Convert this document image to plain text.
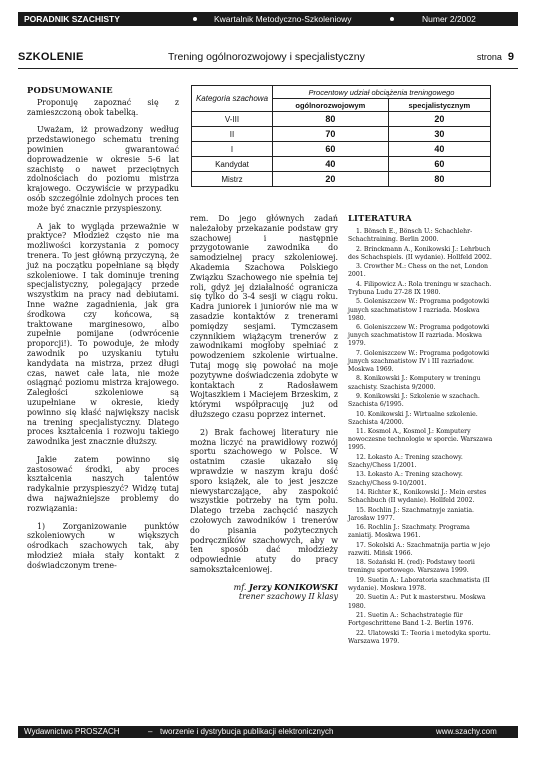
PORADNIK SZACHISTY	Kwartalnik Metodyczno-Szkoleniowy	Numer 2/2002
SZKOLENIE	Trening ogólnorozwojowy i specjalistyczny	strona 9
PODSUMOWANIE

Proponuję zapoznać się z zamieszczoną obok tabelką.

Uważam, iż prowadzony według przedstawionego schematu trening powinien gwarantować doprowadzenie w okresie 5-6 lat szachistę o nawet przeciętnych zdolnościach do poziomu mistrza krajowego. Oczywiście w przypadku osób szczególnie zdolnych proces ten może być znacznie przyspieszony.

A jak to wygląda przeważnie w praktyce? Młodzież często nie ma możliwości korzystania z pomocy trenera. To jest główną przyczyną, że już na początku popełniane są błędy szkoleniowe. I tak dominuje trening specjalistyczny, polegający przede wszystkim na pracy nad debiutami. Inne ważne zagadnienia, jak gra środkowa czy końcowa, są traktowane marginesowo, albo zupełnie pomijane (odwrócenie proporcji!). To powoduje, że młody zawodnik po uzyskaniu tytułu kandydata na mistrza, przez długi czas, nawet całe lata, nie może osiągnąć poziomu mistrza krajowego. Zaległości szkoleniowe są uzupełniane w okresie, kiedy powinno się kłaść największy nacisk na trening specjalistyczny. Dlatego proces kształcenia i rozwoju takiego zawodnika jest znacznie dłuższy.

Jakie zatem powinno się zastosować środki, aby proces kształcenia naszych talentów radykalnie przyspieszyć? Widzę tutaj dwa najważniejsze problemy do rozwiązania:

1) Zorganizowanie punktów szkoleniowych w większych ośrodkach szachowych tak, aby młodzież miała stały kontakt z doświadczonym trene-

Kategoria szachowa	Procentowy udział obciążenia treningowego	
	ogólnorozwojowym	specjalistycznym
V-III	80	20
II	70	30
I	60	40
Kandydat	40	60
Mistrz	20	80

rem. Do jego głównych zadań należałoby przekazanie podstaw gry szachowej i następnie przygotowanie zawodnika do samodzielnej pracy szkoleniowej. Akademia Szachowa Polskiego Związku Szachowego nie spełnia tej roli, gdyż jej działalność ogranicza się tylko do 3-4 sesji w ciągu roku. Kadra juniorek i juniorów nie ma w zasadzie kontaktów z trenerami pomiędzy sesjami. Tymczasem czynnikiem wiążącym trenerów z zawodnikami mogłoby spełniać z powodzeniem szkolenie wirtualne. Tutaj mogę się powołać na moje pozytywne doświadczenia zdobyte w kontaktach z Radosławem Wojtaszkiem i Maciejem Brzeskim, z którymi współpracuję już od dłuższego czasu poprzez internet.

2) Brak fachowej literatury nie można liczyć na prawidłowy rozwój sportu szachowego w Polsce. W ostatnim czasie ukazało się wprawdzie w naszym kraju dość sporo książek, ale to jest jeszcze niewystarczające, aby zaspokoić wszystkie potrzeby na tym polu. Dlatego trzeba zachęcić naszych czołowych zawodników i trenerów do pisania pożytecznych podręczników szachowych, aby w ten sposób dać młodzieży odpowiednie atuty do pracy samokształceniowej.

mf. Jerzy KONIKOWSKI
trener szachowy II klasy
LITERATURA
1. Bönsch E., Bönsch U.: Schachlehr-Schachtraining. Berlin 2000.
2. Brinckmann A., Konikowski J.: Lehrbuch des Schachspiels. (II wydanie). Hollfeld 2002.
3. Crowther M.: Chess on the net, London 2001.
4. Filipowicz A.: Rola treningu w szachach. Trybuna Ludu 27-28 IX 1980.
5. Goleniszczew W.: Programa podgotowki junych szachmatistow I razriada. Moskwa 1980.
6. Goleniszczew W.: Programa podgotowki junych szachmatistow II razriada. Moskwa 1979.
7. Goleniszczew W.: Programa podgotowki junych szachmatistow IV i III razriadow. Moskwa 1969.
8. Konikowski J.: Komputery w treningu szachisty. Szachista 9/2000.
9. Konikowski J.: Szkolenie w szachach. Szachista 6/1995.
10. Konikowski J.: Wirtualne szkolenie. Szachista 4/2000.
11. Kosmol A., Kosmol J.: Komputery nowoczesne technologie w sporcie. Warszawa 1995.
12. Łokasto A.: Trening szachowy. Szachy/Chess 1/2001.
13. Łokasto A.: Trening szachowy. Szachy/Chess 9-10/2001.
14. Richter K., Konikowski J.: Mein erstes Schachbuch (II wydanie). Hollfeld 2002.
15. Rochlin J.: Szachmatnyje zaniatia. Jarosław 1977.
16. Rochlin J.: Szachmaty. Programa zaniatij. Moskwa 1961.
17. Sokolski A.: Szachmatnija partia w jejo razwiti. Mińsk 1966.
18. Sożański H. (red): Podstawy teorii treningu sportowego. Warszawa 1999.
19. Suetin A.: Laboratoria szachmatista (II wydanie). Moskwa 1978.
20. Suetin A.: Put k masterstwu. Moskwa 1980.
21. Suetin A.: Schachstrategie für Fortgeschrittene Band 1-2. Berlin 1976.
22. Ulatowski T.: Teoria i metodyka sportu. Warszawa 1979.
Wydawnictwo PROSZACH	– tworzenie i dystrybucja publikacji elektronicznych	www.szachy.com
